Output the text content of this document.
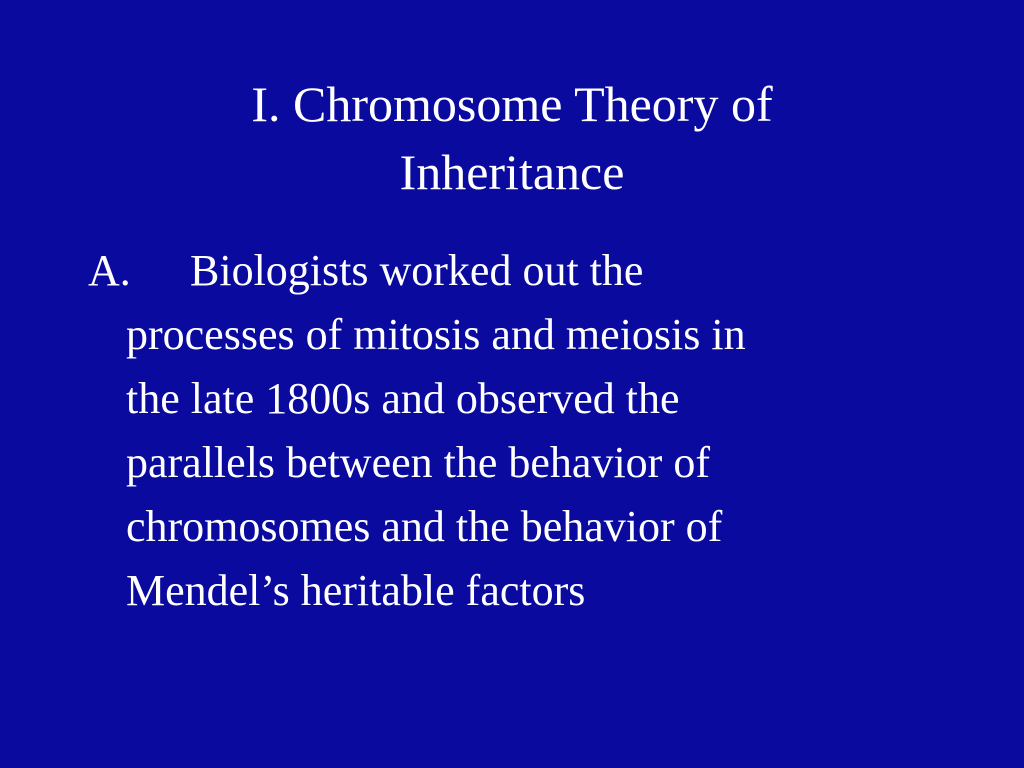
I. Chromosome Theory of
Inheritance
A.	Biologists worked out the
processes of mitosis and meiosis in
the late 1800s and observed the
parallels between the behavior of
chromosomes and the behavior of
Mendel’s heritable factors
